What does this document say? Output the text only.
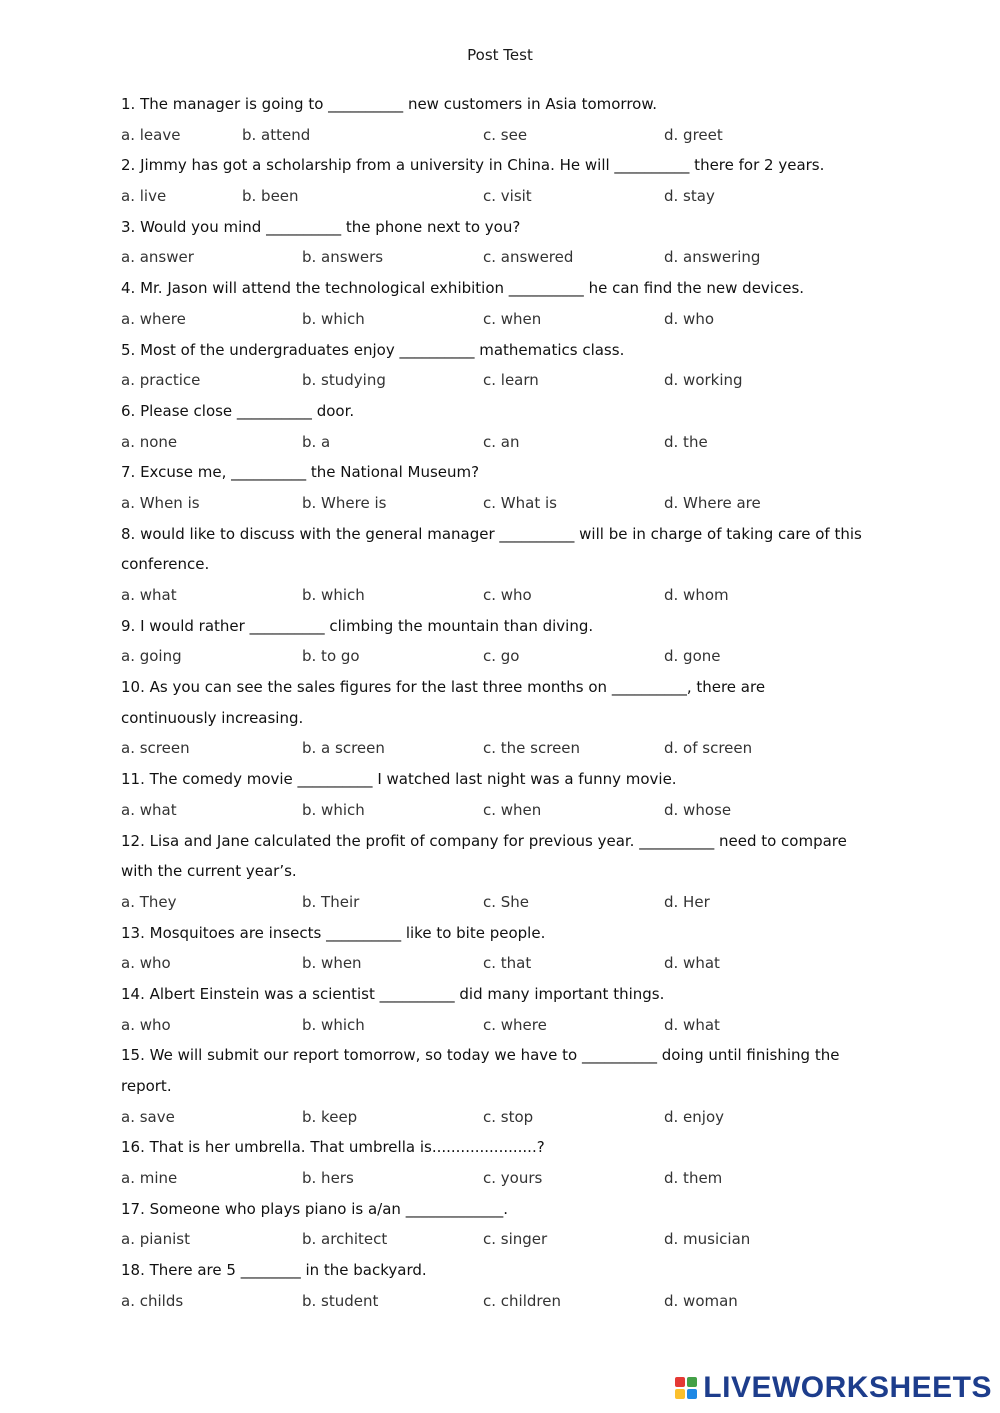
Post Test
1. The manager is going to __________ new customers in Asia tomorrow.
a. leave	b. attend	c. see	d. greet
2. Jimmy has got a scholarship from a university in China. He will __________ there for 2 years.
a. live	b. been	c. visit	d. stay
3. Would you mind __________ the phone next to you?
a. answer	b. answers	c. answered	d. answering
4. Mr. Jason will attend the technological exhibition __________ he can find the new devices.
a. where	b. which	c. when	d. who
5. Most of the undergraduates enjoy __________ mathematics class.
a. practice	b. studying	c. learn	d. working
6. Please close __________ door.
a. none	b. a	c. an	d. the
7. Excuse me, __________ the National Museum?
a. When is	b. Where is	c. What is	d. Where are
8. would like to discuss with the general manager __________ will be in charge of taking care of this
conference.
a. what	b. which	c. who	d. whom
9. I would rather __________ climbing the mountain than diving.
a. going	b. to go	c. go	d. gone
10. As you can see the sales figures for the last three months on __________, there are
continuously increasing.
a. screen	b. a screen	c. the screen	d. of screen
11. The comedy movie __________ I watched last night was a funny movie.
a. what	b. which	c. when	d. whose
12. Lisa and Jane calculated the profit of company for previous year. __________ need to compare
with the current year’s.
a. They	b. Their	c. She	d. Her
13. Mosquitoes are insects __________ like to bite people.
a. who	b. when	c. that	d. what
14. Albert Einstein was a scientist __________ did many important things.
a. who	b. which	c. where	d. what
15. We will submit our report tomorrow, so today we have to __________ doing until finishing the
report.
a. save	b. keep	c. stop	d. enjoy
16. That is her umbrella. That umbrella is......................?
a. mine	b. hers	c. yours	d. them
17. Someone who plays piano is a/an _____________.
a. pianist	b. architect	c. singer	d. musician
18. There are 5 ________ in the backyard.
a. childs	b. student	c. children	d. woman
LIVEWORKSHEETS
